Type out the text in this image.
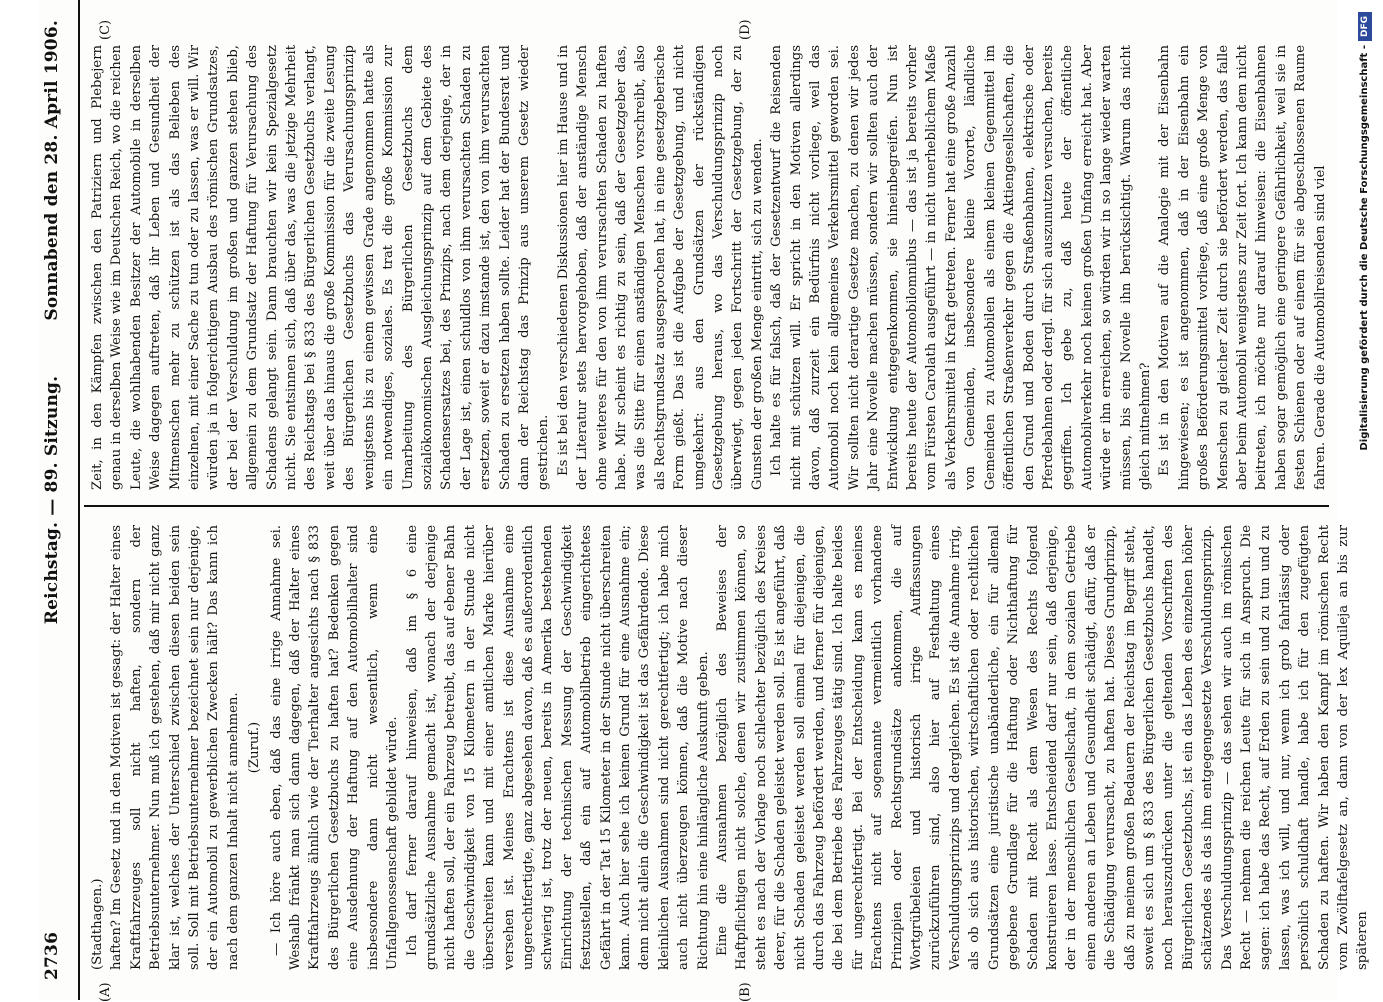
2736
Reichstag. — 89. Sitzung.
Sonnabend den 28. April 1906.
(A)	(B)
(C)	(D)

(Stadthagen.) haften? Im Gesetz und in den Motiven ist gesagt: der Halter eines Kraftfahrzeuges soll nicht haften, sondern der Betriebsunternehmer. Nun muß ich gestehen, daß mir nicht ganz klar ist, welches der Unterschied zwischen diesen beiden sein soll. Soll mit Betriebsunternehmer bezeichnet sein nur derjenige, der ein Automobil zu gewerblichen Zwecken hält? Das kann ich nach dem ganzen Inhalt nicht annehmen. (Zuruf.) — Ich höre auch eben, daß das eine irrige Annahme sei. Weshalb fränkt man sich dann dagegen, daß der Halter eines Kraftfahrzeugs ähnlich wie der Tierhalter angesichts nach § 833 des Bürgerlichen Gesetzbuchs zu haften hat? Bedenken gegen eine Ausdehnung der Haftung auf den Automobilhalter sind insbesondere dann nicht wesentlich, wenn eine Unfallgenossenschaft gebildet würde. Ich darf ferner darauf hinweisen, daß im § 6 eine grundsätzliche Ausnahme gemacht ist, wonach der derjenige nicht haften soll, der ein Fahrzeug betreibt, das auf ebener Bahn die Geschwindigkeit von 15 Kilometern in der Stunde nicht überschreiten kann und mit einer amtlichen Marke hierüber versehen ist. Meines Erachtens ist diese Ausnahme eine ungerechtfertigte, ganz abgesehen davon, daß es außerordentlich schwierig ist, trotz der neuen, bereits in Amerika bestehenden Einrichtung der technischen Messung der Geschwindigkeit festzustellen, daß ein auf Automobilbetrieb eingerichtetes Gefährt in der Tat 15 Kilometer in der Stunde nicht überschreiten kann. Auch hier sehe ich keinen Grund für eine Ausnahme ein; denn nicht allein die Geschwindigkeit ist das Gefährdende. Diese kleinlichen Ausnahmen sind nicht gerechtfertigt; ich habe mich auch nicht überzeugen können, daß die Motive nach dieser Richtung hin eine hinlängliche Auskunft geben. Eine die Ausnahmen bezüglich des Beweises der Haftpflichtigen nicht solche, denen wir zustimmen können, so steht es nach der Vorlage noch schlechter bezüglich des Kreises derer, für die Schaden geleistet werden soll. Es ist angeführt, daß nicht Schaden geleistet werden soll einmal für diejenigen, die durch das Fahrzeug befördert werden, und ferner für diejenigen, die bei dem Betriebe des Fahrzeuges tätig sind. Ich halte beides für ungerechtfertigt. Bei der Entscheidung kann es meines Erachtens nicht auf sogenannte vermeintlich vorhandene Prinzipien oder Rechtsgrundsätze ankommen, die auf Wortgrübeleien und historisch irrige Auffassungen zurückzuführen sind, also hier auf Festhaltung eines Verschuldungsprinzips und dergleichen. Es ist die Annahme irrig, als ob sich aus historischen, wirtschaftlichen oder rechtlichen Grundsätzen eine juristische unabänderliche, ein für allemal gegebene Grundlage für die Haftung oder Nichthaftung für Schaden mit Recht als dem Wesen des Rechts folgend konstruieren lasse. Entscheidend darf nur sein, daß derjenige, der in der menschlichen Gesellschaft, in dem sozialen Getriebe einen anderen an Leben und Gesundheit schädigt, dafür, daß er die Schädigung verursacht, zu haften hat. Dieses Grundprinzip, daß zu meinem großen Bedauern der Reichstag im Begriff steht, soweit es sich um § 833 des Bürgerlichen Gesetzbuchs handelt, noch herauszudrücken unter die geltenden Vorschriften des Bürgerlichen Gesetzbuchs, ist ein das Leben des einzelnen höher schätzendes als das ihm entgegengesetzte Verschuldungsprinzip. Das Verschuldungsprinzip — das sehen wir auch im römischen Recht — nehmen die reichen Leute für sich in Anspruch. Die sagen: ich habe das Recht, auf Erden zu sein und zu tun und zu lassen, was ich will, und nur, wenn ich grob fahrlässig oder persönlich schuldhaft handle, habe ich für den zugefügten Schaden zu haften. Wir haben den Kampf im römischen Recht vom Zwölftafelgesetz an, dann von der lex Aquileja an bis zur späteren

Zeit, in den Kämpfen zwischen den Patriziern und Plebejern genau in derselben Weise wie im Deutschen Reich, wo die reichen Leute, die wohlhabenden Besitzer der Automobile in derselben Weise dagegen auftreten, daß ihr Leben und Gesundheit der Mitmenschen mehr zu schützen ist als das Belieben des einzelnen, mit einer Sache zu tun oder zu lassen, was er will. Wir würden ja in folgerichtigem Ausbau des römischen Grundsatzes, der bei der Verschuldung im großen und ganzen stehen blieb, allgemein zu dem Grundsatz der Haftung für Verursachung des Schadens gelangt sein. Dann brauchten wir kein Spezialgesetz nicht. Sie entsinnen sich, daß über das, was die jetzige Mehrheit des Reichstags bei § 833 des Bürgerlichen Gesetzbuchs verlangt, weit über das hinaus die große Kommission für die zweite Lesung des Bürgerlichen Gesetzbuchs das Verursachungsprinzip wenigstens bis zu einem gewissen Grade angenommen hatte als ein notwendiges, soziales. Es trat die große Kommission zur Umarbeitung des Bürgerlichen Gesetzbuchs dem sozialökonomischen Ausgleichungsprinzip auf dem Gebiete des Schadensersatzes bei, des Prinzips, nach dem derjenige, der in der Lage ist, einen schuldlos von ihm verursachten Schaden zu ersetzen, soweit er dazu imstande ist, den von ihm verursachten Schaden zu ersetzen haben sollte. Leider hat der Bundesrat und dann der Reichstag das Prinzip aus unserem Gesetz wieder gestrichen. Es ist bei den verschiedenen Diskussionen hier im Hause und in der Literatur stets hervorgehoben, daß der anständige Mensch ohne weiteres für den von ihm verursachten Schaden zu haften habe. Mir scheint es richtig zu sein, daß der Gesetzgeber das, was die Sitte für einen anständigen Menschen vorschreibt, also als Rechtsgrundsatz ausgesprochen hat, in eine gesetzgeberische Form gießt. Das ist die Aufgabe der Gesetzgebung, und nicht umgekehrt: aus den Grundsätzen der rückständigen Gesetzgebung heraus, wo das Verschuldungsprinzip noch überwiegt, gegen jeden Fortschritt der Gesetzgebung, der zu Gunsten der großen Menge eintritt, sich zu wenden. Ich halte es für falsch, daß der Gesetzentwurf die Reisenden nicht mit schützen will. Er spricht in den Motiven allerdings davon, daß zurzeit ein Bedürfnis nicht vorliege, weil das Automobil noch kein allgemeines Verkehrsmittel geworden sei. Wir sollten nicht derartige Gesetze machen, zu denen wir jedes Jahr eine Novelle machen müssen, sondern wir sollten auch der Entwicklung entgegenkommen, sie hineinbegreifen. Nun ist bereits heute der Automobilomnibus — das ist ja bereits vorher vom Fürsten Carolath ausgeführt — in nicht unerheblichem Maße als Verkehrsmittel in Kraft getreten. Ferner hat eine große Anzahl von Gemeinden, insbesondere kleine Vororte, ländliche Gemeinden zu Automobilen als einem kleinen Gegenmittel im öffentlichen Straßenverkehr gegen die Aktiengesellschaften, die den Grund und Boden durch Straßenbahnen, elektrische oder Pferdebahnen oder dergl. für sich auszunutzen versuchen, bereits gegriffen. Ich gebe zu, daß heute der öffentliche Automobilverkehr noch keinen großen Umfang erreicht hat. Aber würde er ihn erreichen, so würden wir in so lange wieder warten müssen, bis eine Novelle ihn berücksichtigt. Warum das nicht gleich mitnehmen? Es ist in den Motiven auf die Analogie mit der Eisenbahn hingewiesen; es ist angenommen, daß in der Eisenbahn ein großes Beförderungsmittel vorliege, daß eine große Menge von Menschen zu gleicher Zeit durch sie befördert werden, das falle aber beim Automobil wenigstens zur Zeit fort. Ich kann dem nicht beitreten, ich möchte nur darauf hinweisen: die Eisenbahnen haben sogar gemöglich eine geringere Gefährlichkeit, weil sie in festen Schienen oder auf einem für sie abgeschlossenen Raume fahren. Gerade die Automobilreisenden sind viel	Digitalisierung gefördert durch die Deutsche Forschungsgemeinschaft -DFG
